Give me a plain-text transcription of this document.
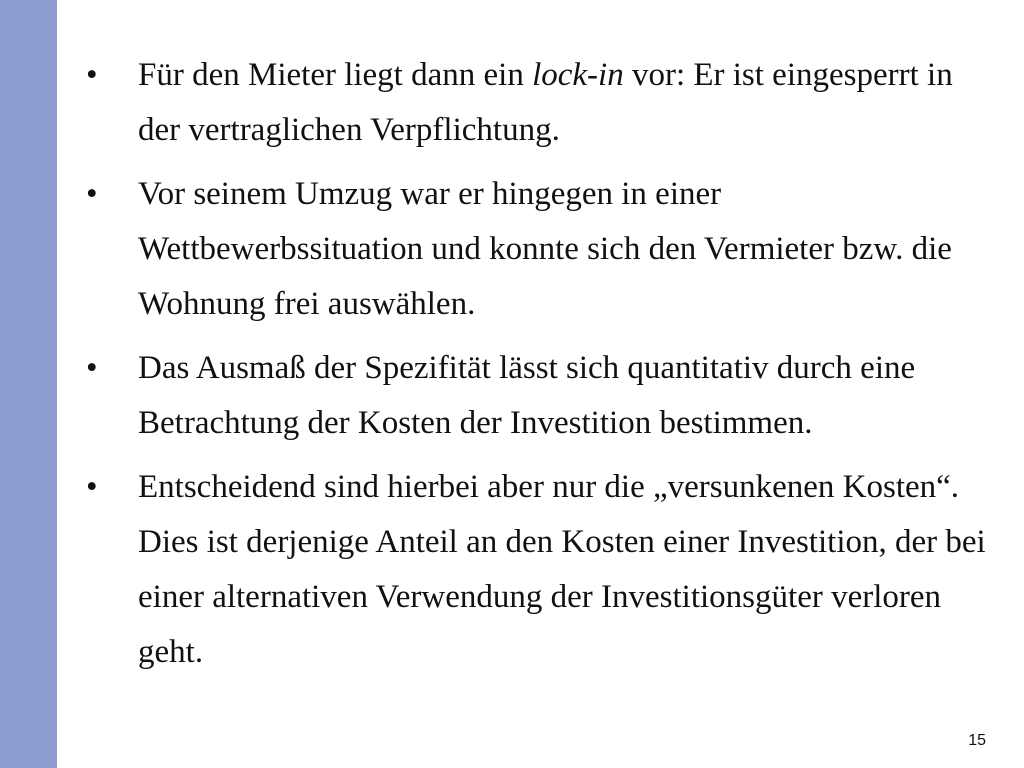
• Für den Mieter liegt dann ein lock-in vor: Er ist eingesperrt in der vertraglichen Verpflichtung.
• Vor seinem Umzug war er hingegen in einer Wettbewerbssituation und konnte sich den Vermieter bzw. die Wohnung frei auswählen.
• Das Ausmaß der Spezifität lässt sich quantitativ durch eine Betrachtung der Kosten der Investition bestimmen.
• Entscheidend sind hierbei aber nur die „versunkenen Kosten“. Dies ist derjenige Anteil an den Kosten einer Investition, der bei einer alternativen Verwendung der Investitionsgüter verloren geht.
15
